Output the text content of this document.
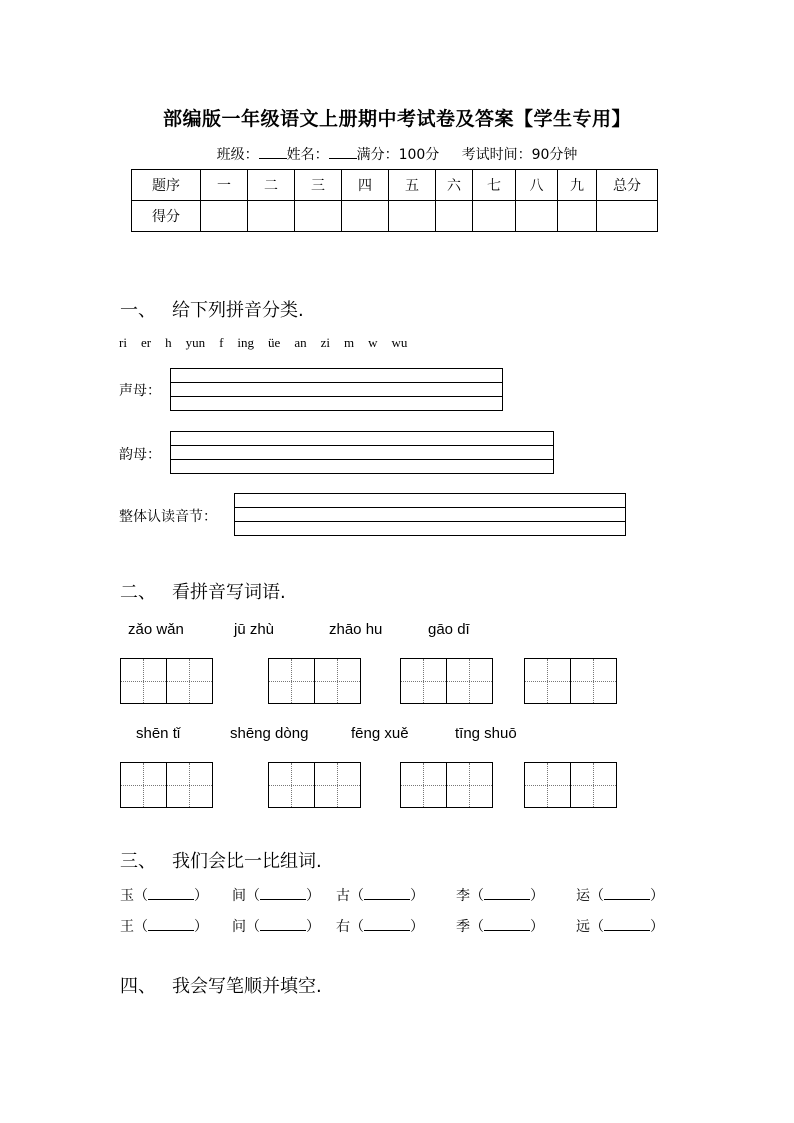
部编版一年级语文上册期中考试卷及答案【学生专用】
班级： 姓名： 满分：100分 考试时间：90分钟
题序	一	二	三	四	五	六	七	八	九	总分
得分										
一、 给下列拼音分类.
ri er h yun f ing üe an zi m w wu
声母：
韵母：
整体认读音节：
二、 看拼音写词语.
zǎo wǎn	jū zhù	zhāo hu	gāo dī
shēn tǐ	shēng dòng	fēng xuě	tīng shuō
三、 我们会比一比组词.
玉（	） 间（	） 古（	） 李（	） 运（	）
王（	） 问（	） 右（	） 季（	） 远（	）
四、 我会写笔顺并填空.
